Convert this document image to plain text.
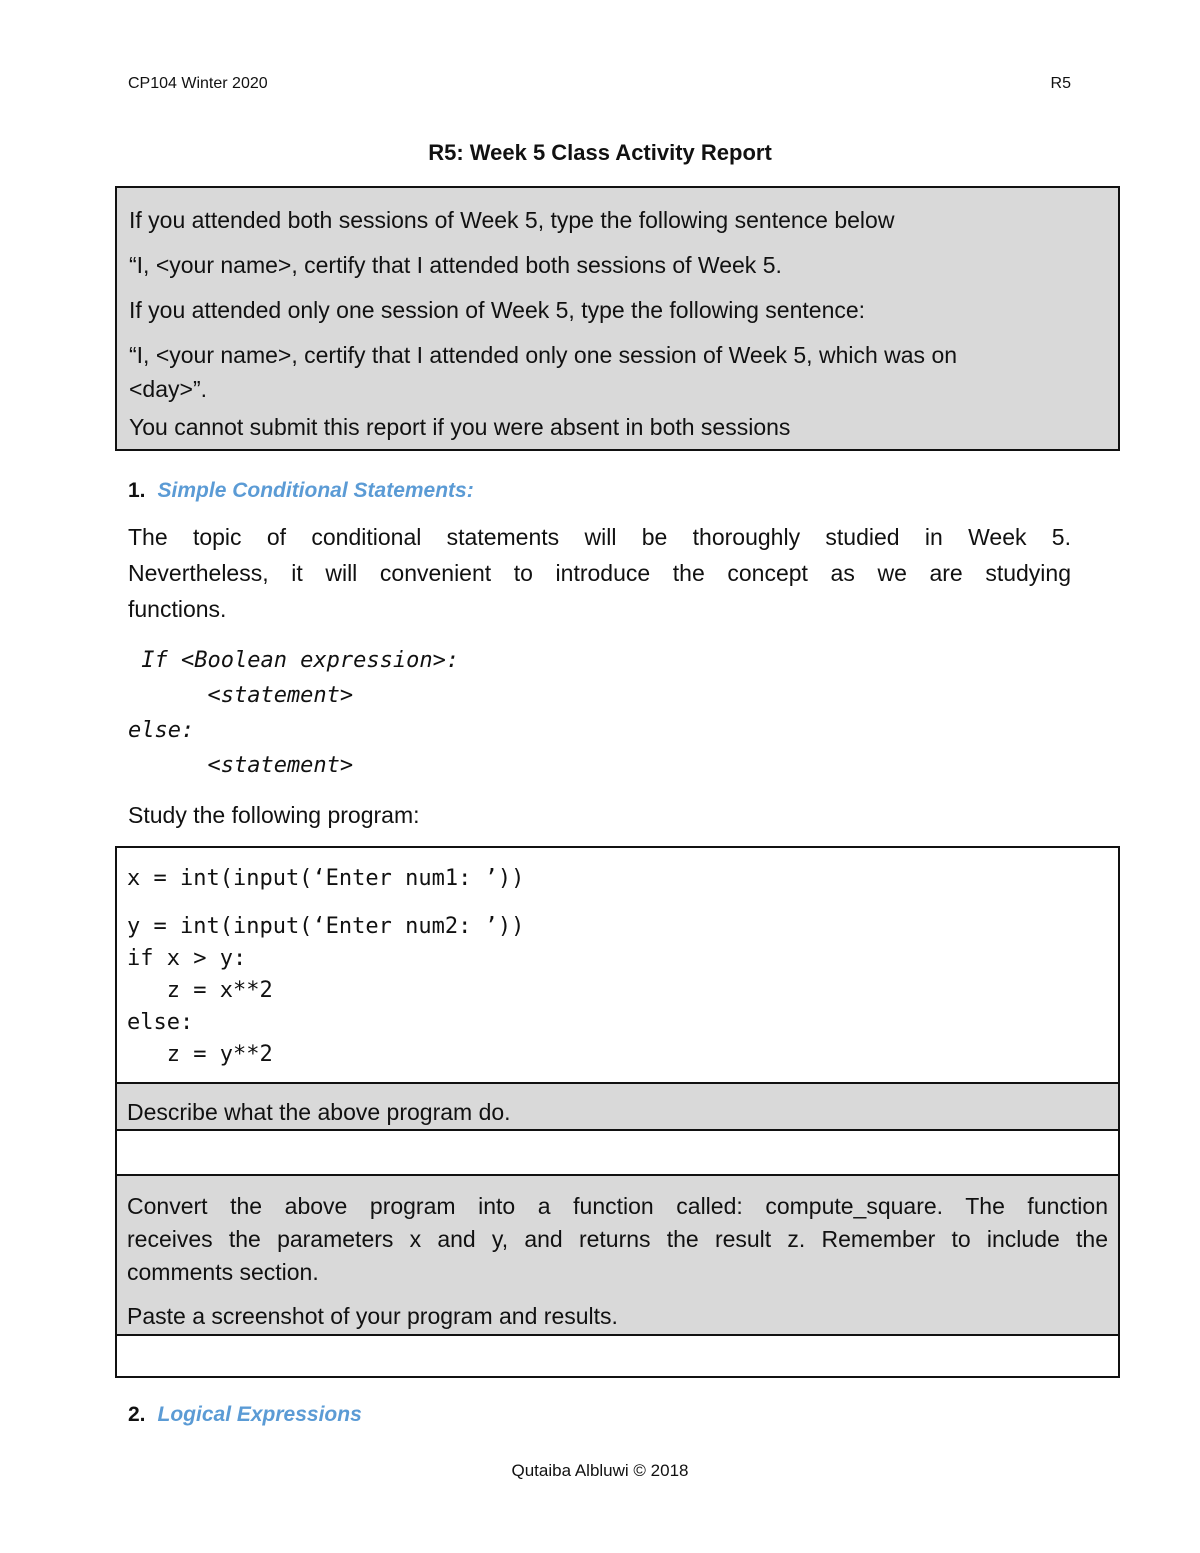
CP104 Winter 2020	R5
R5: Week 5 Class Activity Report

If you attended both sessions of Week 5, type the following sentence below

“I, <your name>, certify that I attended both sessions of Week 5.

If you attended only one session of Week 5, type the following sentence:

“I, <your name>, certify that I attended only one session of Week 5, which was on
<day>”.

You cannot submit this report if you were absent in both sessions

1. Simple Conditional Statements:
The topic of conditional statements will be thoroughly studied in Week 5.
Nevertheless, it will convenient to introduce the concept as we are studying
functions.
If <Boolean expression>:
<statement>
else:
<statement>
Study the following program:
x = int(input(‘Enter num1: ’))
y = int(input(‘Enter num2: ’))
if x > y:
z = x**2
else:
z = y**2
Describe what the above program do.
Convert the above program into a function called: compute_square. The function
receives the parameters x and y, and returns the result z. Remember to include the
comments section.
Paste a screenshot of your program and results.
2. Logical Expressions
Qutaiba Albluwi © 2018
